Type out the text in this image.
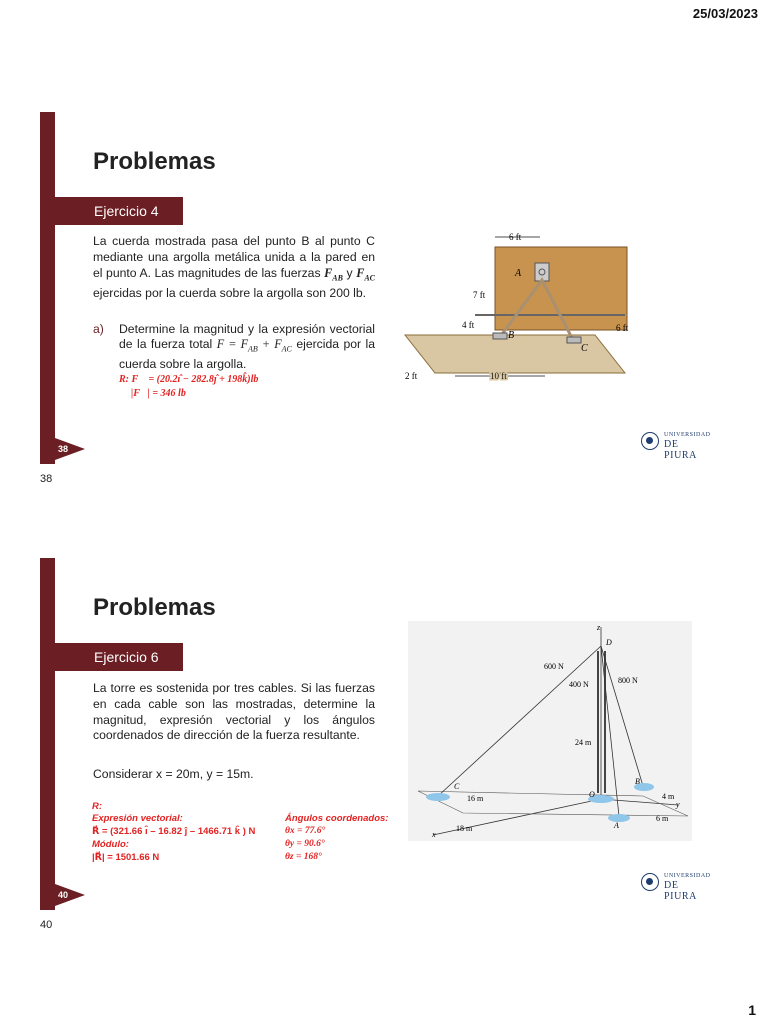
25/03/2023
38
38
Problemas
Ejercicio 4
La cuerda mostrada pasa del punto B al punto C mediante una argolla metálica unida a la pared en el punto A. Las magnitudes de las fuerzas $F_{AB}$ y $F_{AC}$ ejercidas por la cuerda sobre la argolla son 200 lb.
a) Determine la magnitud y la expresión vectorial de la fuerza total $F = F_{AB} + F_{AC}$ ejercida por la cuerda sobre la argolla.
R: F⃗ = (20.2ı̂ − 282.8ȷ̂ + 198k̂)lb
|F⃗| = 346 lb
6 ft
7 ft
4 ft	6 ft
2 ft	10 ft
A
B
C
UNIVERSIDAD
DE PIURA
40
40
Problemas
Ejercicio 6
La torre es sostenida por tres cables. Si las fuerzas en cada cable son las mostradas, determine la magnitud, expresión vectorial y los ángulos coordenados de dirección de la fuerza resultante.
Considerar x = 20m, y = 15m.
R:
Expresión vectorial:
R⃗ = (321.66 ı̂ – 16.82 ȷ̂ – 1466.71 k̂ ) N
Módulo:
|R⃗| = 1501.66 N
Ángulos coordenados:
θx = 77.6°
θy = 90.6°
θz = 168°
600 N
400 N	800 N
24 m
16 m
18 m
4 m
6 m
x
y
z
D
O
A
B
C
UNIVERSIDAD
DE PIURA
1
